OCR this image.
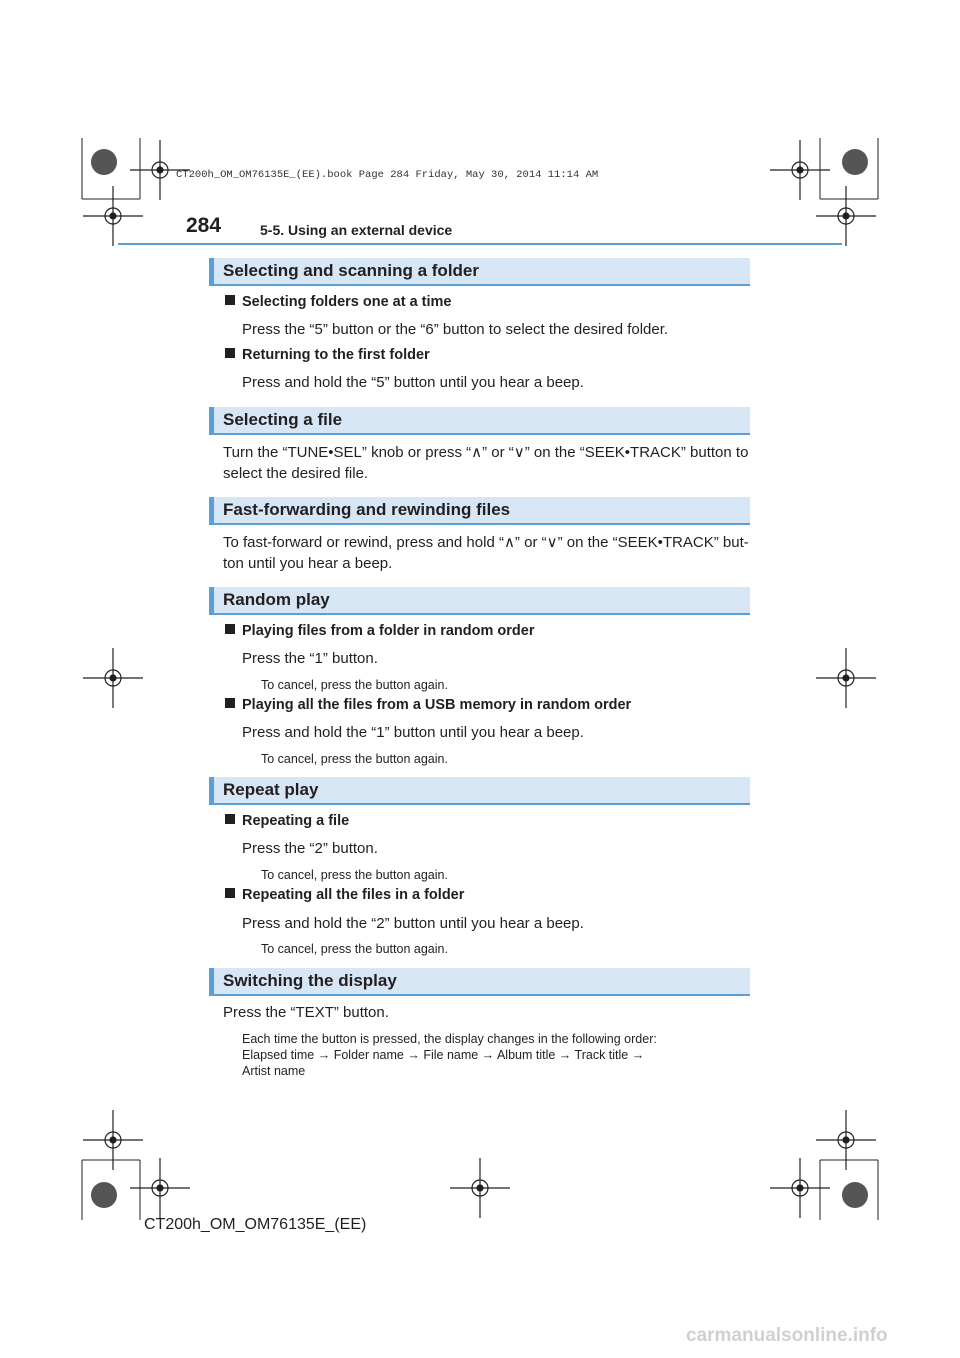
CT200h_OM_OM76135E_(EE).book Page 284 Friday, May 30, 2014 11:14 AM
284	5-5. Using an external device
Selecting and scanning a folder
Selecting folders one at a time
Press the “5” button or the “6” button to select the desired folder.
Returning to the first folder
Press and hold the “5” button until you hear a beep.
Selecting a file
Turn the “TUNE•SEL” knob or press “∧” or “∨” on the “SEEK•TRACK” button to
select the desired file.
Fast-forwarding and rewinding files
To fast-forward or rewind, press and hold “∧” or “∨” on the “SEEK•TRACK” but-
ton until you hear a beep.
Random play
Playing files from a folder in random order
Press the “1” button.
To cancel, press the button again.
Playing all the files from a USB memory in random order
Press and hold the “1” button until you hear a beep.
To cancel, press the button again.
Repeat play
Repeating a file
Press the “2” button.
To cancel, press the button again.
Repeating all the files in a folder
Press and hold the “2” button until you hear a beep.
To cancel, press the button again.
Switching the display
Press the “TEXT” button.
Each time the button is pressed, the display changes in the following order:
Elapsed time → Folder name → File name → Album title → Track title →
Artist name
CT200h_OM_OM76135E_(EE)
carmanualsonline.info
